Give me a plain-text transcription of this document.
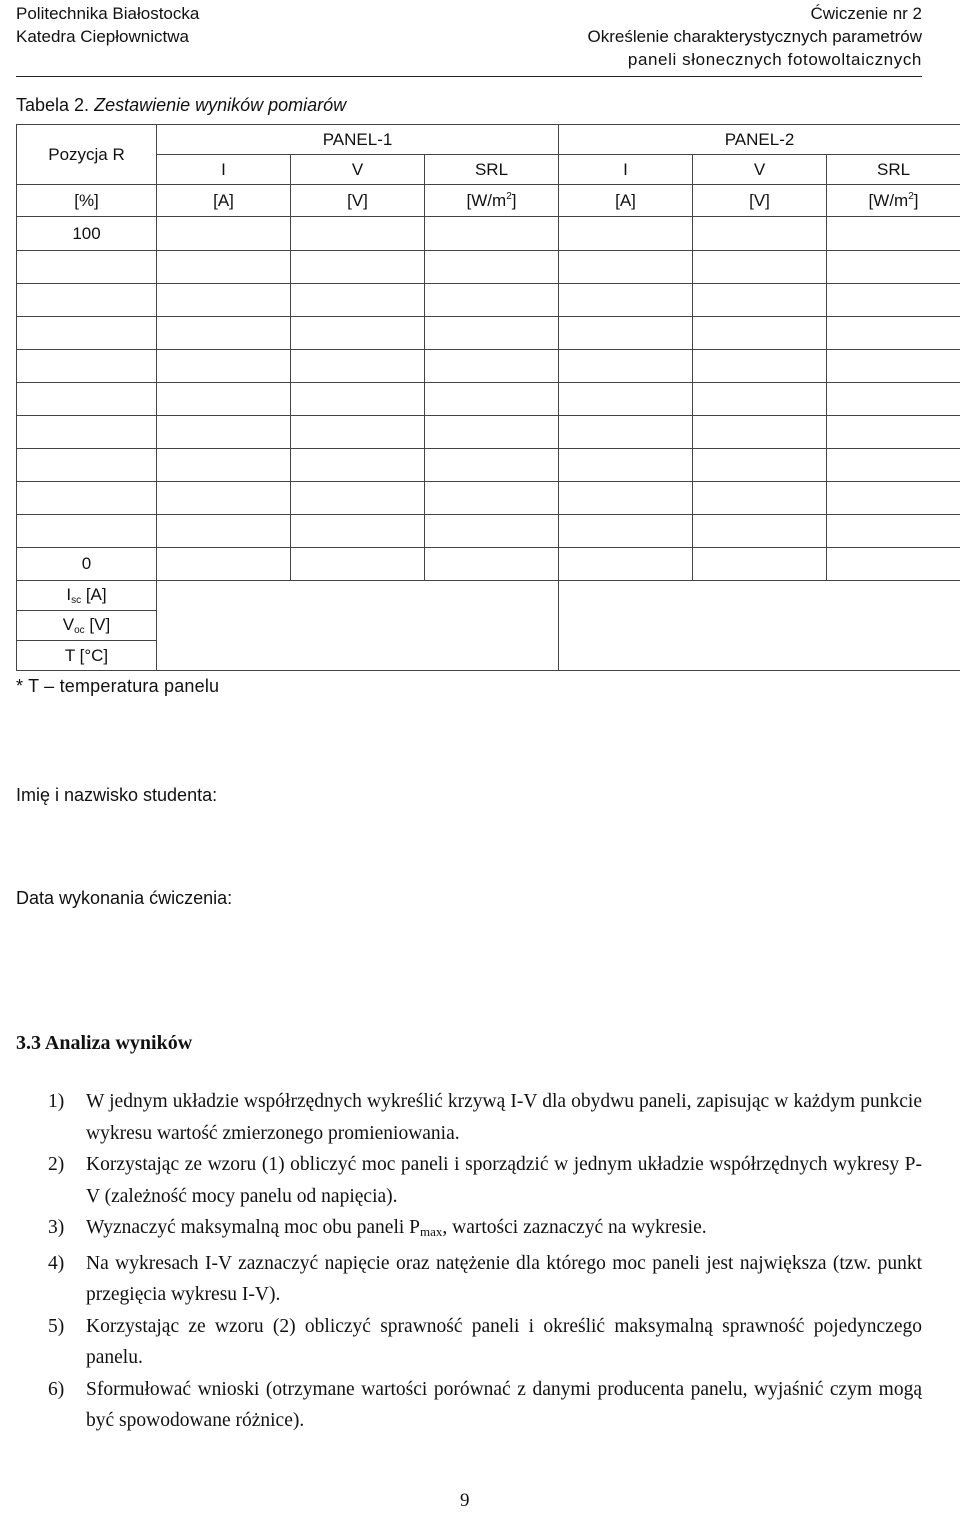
Politechnika Białostocka
Katedra Ciepłownictwa
Ćwiczenie nr 2
Określenie charakterystycznych parametrów
paneli słonecznych fotowoltaicznych
Tabela 2. Zestawienie wyników pomiarów
Pozycja R	PANEL-1			PANEL-2		
	I	V	SRL	I	V	SRL
[%]	[A]	[V]	$[W/m^2]$	[A]	[V]	$[W/m^2]$
100						

0						
$I_{sc}$ [A]						
$V_{oc}$ [V]						
T [°C]						
* T – temperatura panelu
Imię i nazwisko studenta:
Data wykonania ćwiczenia:
3.3 Analiza wyników
1) W jednym układzie współrzędnych wykreślić krzywą I-V dla obydwu paneli, zapisując w każdym punkcie wykresu wartość zmierzonego promieniowania.
2) Korzystając ze wzoru (1) obliczyć moc paneli i sporządzić w jednym układzie współrzędnych wykresy P-V (zależność mocy panelu od napięcia).
3) Wyznaczyć maksymalną moc obu paneli $P_{max}$, wartości zaznaczyć na wykresie.
4) Na wykresach I-V zaznaczyć napięcie oraz natężenie dla którego moc paneli jest największa (tzw. punkt przegięcia wykresu I-V).
5) Korzystając ze wzoru (2) obliczyć sprawność paneli i określić maksymalną sprawność pojedynczego panelu.
6) Sformułować wnioski (otrzymane wartości porównać z danymi producenta panelu, wyjaśnić czym mogą być spowodowane różnice).
9
